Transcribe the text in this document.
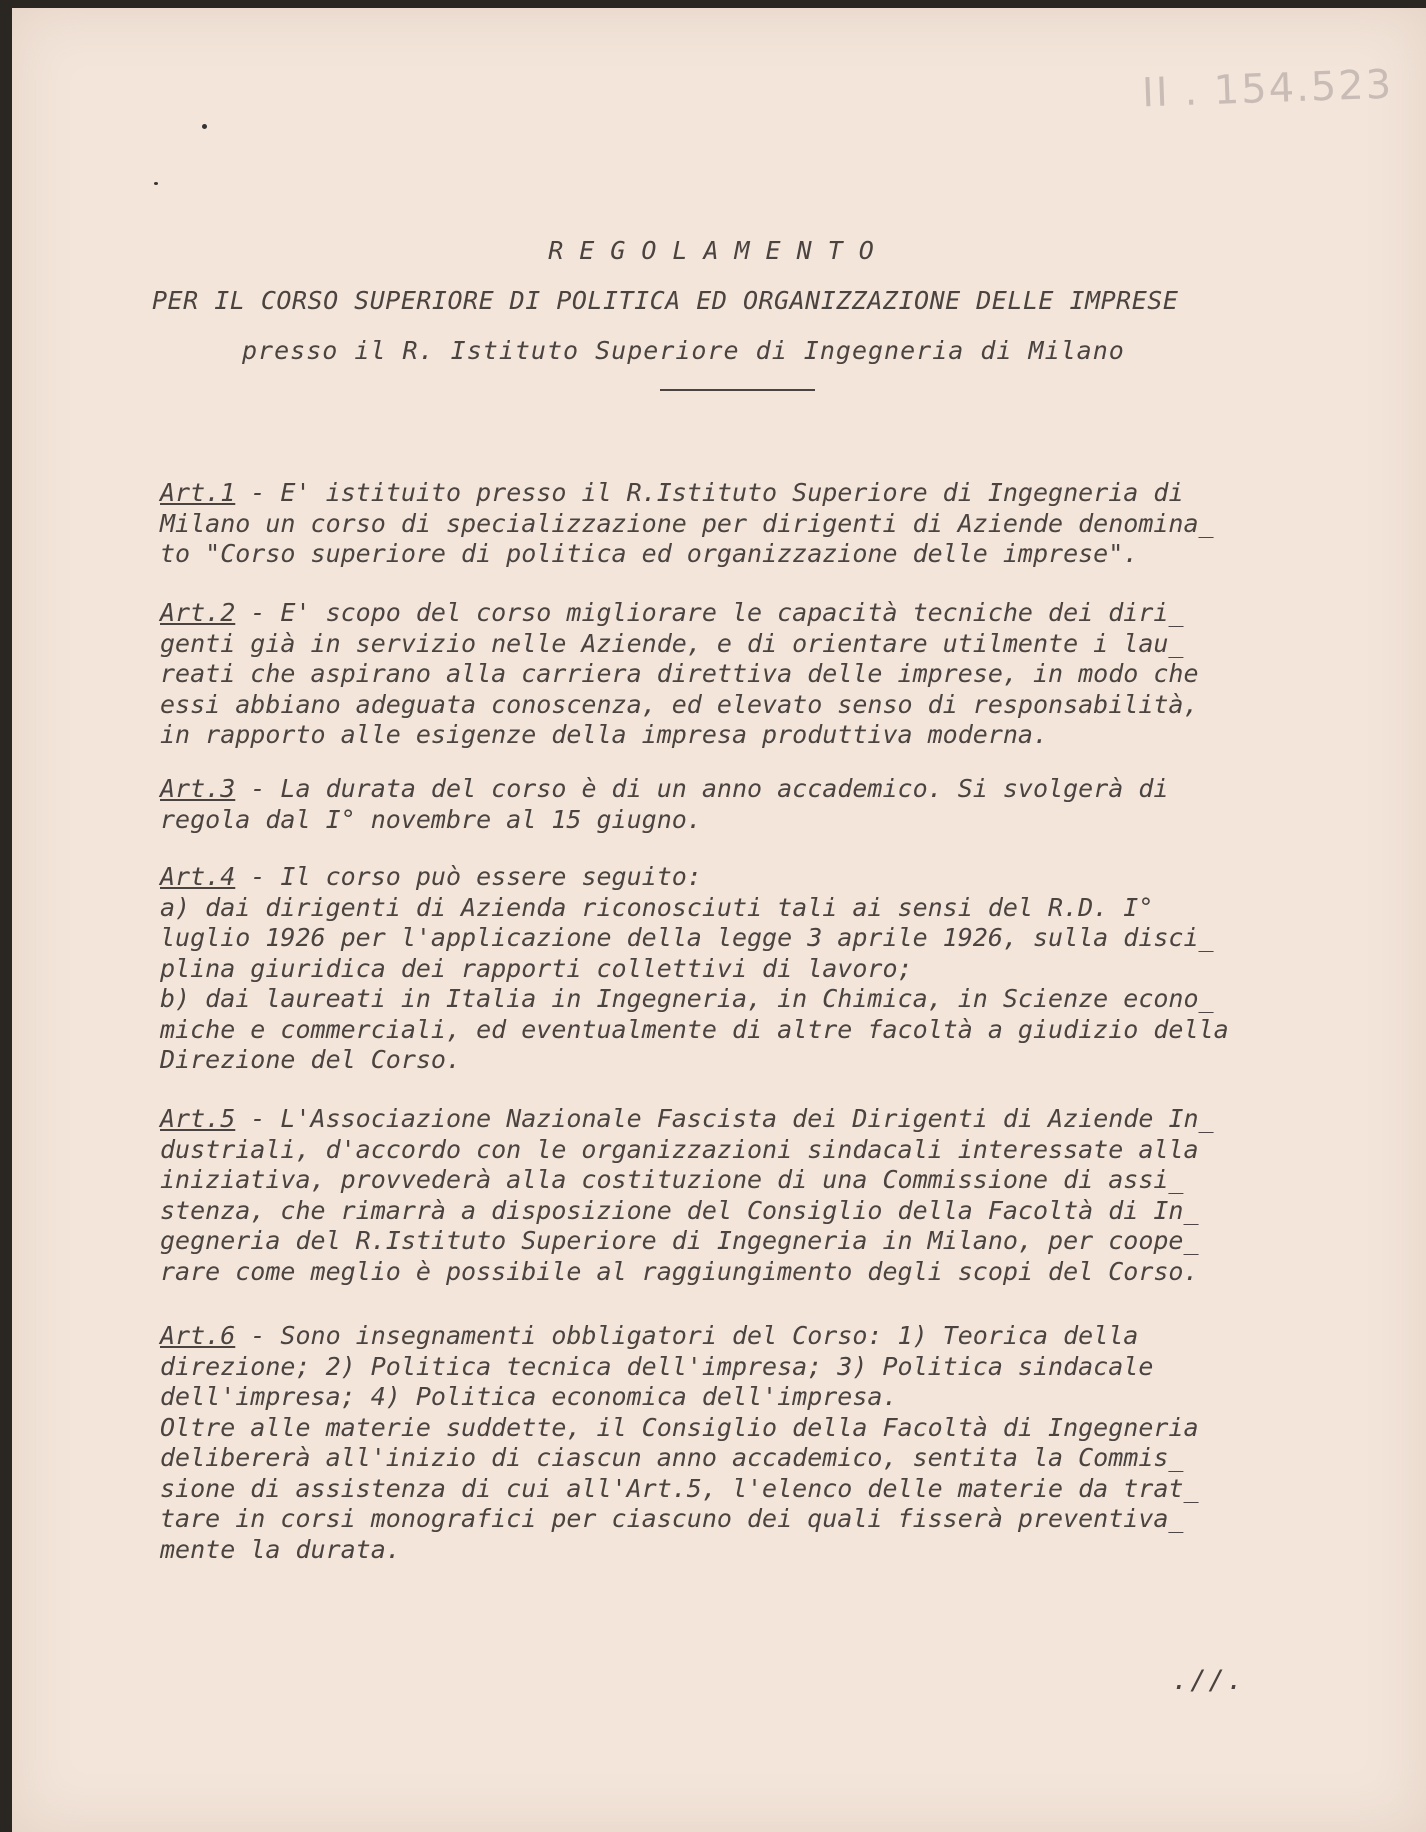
II . 154.523

REGOLAMENTO

PER IL CORSO SUPERIORE DI POLITICA ED ORGANIZZAZIONE DELLE IMPRESE

presso il R. Istituto Superiore di Ingegneria di Milano

Art.1 - E' istituito presso il R.Istituto Superiore di Ingegneria di
Milano un corso di specializzazione per dirigenti di Aziende denomina_
to "Corso superiore di politica ed organizzazione delle imprese".
Art.2 - E' scopo del corso migliorare le capacità tecniche dei diri_
genti già in servizio nelle Aziende, e di orientare utilmente i lau_
reati che aspirano alla carriera direttiva delle imprese, in modo che
essi abbiano adeguata conoscenza, ed elevato senso di responsabilità,
in rapporto alle esigenze della impresa produttiva moderna.
Art.3 - La durata del corso è di un anno accademico. Si svolgerà di
regola dal I° novembre al 15 giugno.
Art.4 - Il corso può essere seguito:
a) dai dirigenti di Azienda riconosciuti tali ai sensi del R.D. I°
luglio 1926 per l'applicazione della legge 3 aprile 1926, sulla disci_
plina giuridica dei rapporti collettivi di lavoro;
b) dai laureati in Italia in Ingegneria, in Chimica, in Scienze econo_
miche e commerciali, ed eventualmente di altre facoltà a giudizio della
Direzione del Corso.
Art.5 - L'Associazione Nazionale Fascista dei Dirigenti di Aziende In_
dustriali, d'accordo con le organizzazioni sindacali interessate alla
iniziativa, provvederà alla costituzione di una Commissione di assi_
stenza, che rimarrà a disposizione del Consiglio della Facoltà di In_
gegneria del R.Istituto Superiore di Ingegneria in Milano, per coope_
rare come meglio è possibile al raggiungimento degli scopi del Corso.
Art.6 - Sono insegnamenti obbligatori del Corso: 1) Teorica della
direzione; 2) Politica tecnica dell'impresa; 3) Politica sindacale
dell'impresa; 4) Politica economica dell'impresa.
Oltre alle materie suddette, il Consiglio della Facoltà di Ingegneria
delibererà all'inizio di ciascun anno accademico, sentita la Commis_
sione di assistenza di cui all'Art.5, l'elenco delle materie da trat_
tare in corsi monografici per ciascuno dei quali fisserà preventiva_
mente la durata.

.//.
